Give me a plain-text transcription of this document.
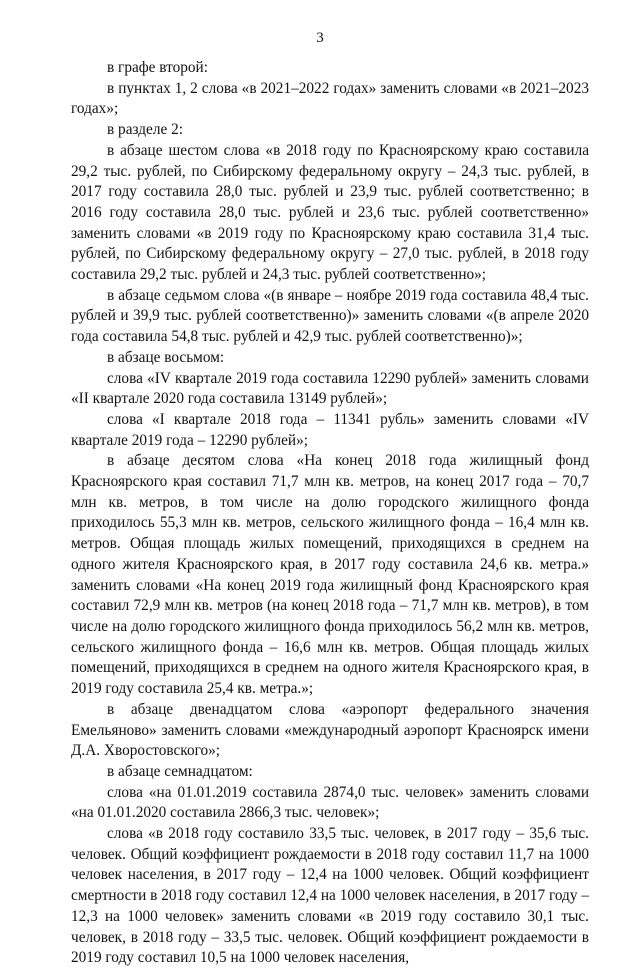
3

в графе второй:

в пунктах 1, 2 слова «в 2021–2022 годах» заменить словами «в 2021–2023 годах»;

в разделе 2:

в абзаце шестом слова «в 2018 году по Красноярскому краю составила 29,2 тыс. рублей, по Сибирскому федеральному округу – 24,3 тыс. рублей, в 2017 году составила 28,0 тыс. рублей и 23,9 тыс. рублей соответственно; в 2016 году составила 28,0 тыс. рублей и 23,6 тыс. рублей соответственно» заменить словами «в 2019 году по Красноярскому краю составила 31,4 тыс. рублей, по Сибирскому федеральному округу – 27,0 тыс. рублей, в 2018 году составила 29,2 тыс. рублей и 24,3 тыс. рублей соответственно»;

в абзаце седьмом слова «(в январе – ноябре 2019 года составила 48,4 тыс. рублей и 39,9 тыс. рублей соответственно)» заменить словами «(в апреле 2020 года составила 54,8 тыс. рублей и 42,9 тыс. рублей соответственно)»;

в абзаце восьмом:

слова «IV квартале 2019 года составила 12290 рублей» заменить словами «II квартале 2020 года составила 13149 рублей»;

слова «I квартале 2018 года – 11341 рубль» заменить словами «IV квартале 2019 года – 12290 рублей»;

в абзаце десятом слова «На конец 2018 года жилищный фонд Красноярского края составил 71,7 млн кв. метров, на конец 2017 года – 70,7 млн кв. метров, в том числе на долю городского жилищного фонда приходилось 55,3 млн кв. метров, сельского жилищного фонда – 16,4 млн кв. метров. Общая площадь жилых помещений, приходящихся в среднем на одного жителя Красноярского края, в 2017 году составила 24,6 кв. метра.» заменить словами «На конец 2019 года жилищный фонд Красноярского края составил 72,9 млн кв. метров (на конец 2018 года – 71,7 млн кв. метров), в том числе на долю городского жилищного фонда приходилось 56,2 млн кв. метров, сельского жилищного фонда – 16,6 млн кв. метров. Общая площадь жилых помещений, приходящихся в среднем на одного жителя Красноярского края, в 2019 году составила 25,4 кв. метра.»;

в абзаце двенадцатом слова «аэропорт федерального значения Емельяново» заменить словами «международный аэропорт Красноярск имени Д.А. Хворостовского»;

в абзаце семнадцатом:

слова «на 01.01.2019 составила 2874,0 тыс. человек» заменить словами «на 01.01.2020 составила 2866,3 тыс. человек»;

слова «в 2018 году составило 33,5 тыс. человек, в 2017 году – 35,6 тыс. человек. Общий коэффициент рождаемости в 2018 году составил 11,7 на 1000 человек населения, в 2017 году – 12,4 на 1000 человек. Общий коэффициент смертности в 2018 году составил 12,4 на 1000 человек населения, в 2017 году – 12,3 на 1000 человек» заменить словами «в 2019 году составило 30,1 тыс. человек, в 2018 году – 33,5 тыс. человек. Общий коэффициент рождаемости в 2019 году составил 10,5 на 1000 человек населения,
